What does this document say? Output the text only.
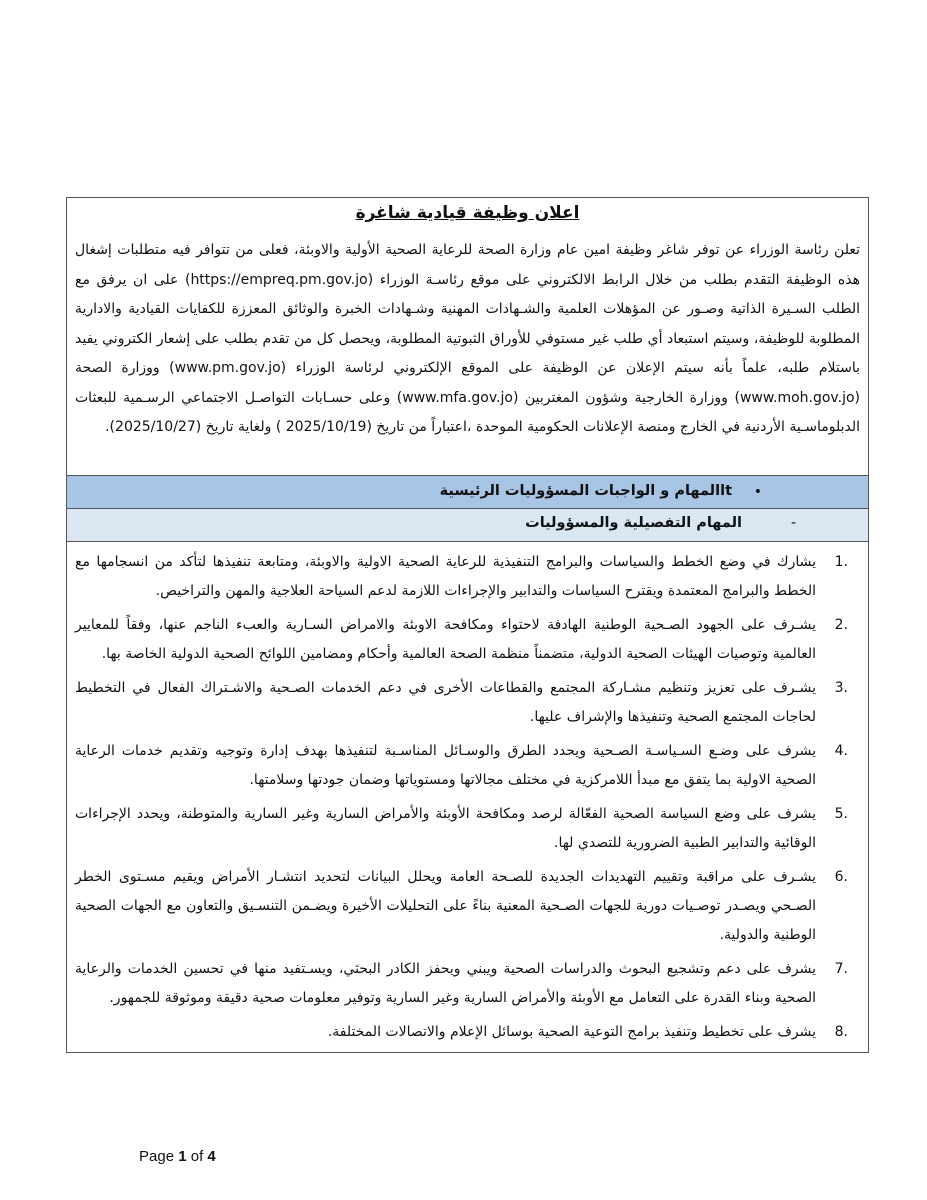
اعلان وظيفة قيادية شاغرة
تعلن رئاسة الوزراء عن توفر شاغر وظيفة امين عام وزارة الصحة للرعاية الصحية الأولية والاوبئة، فعلى من تتوافر فيه متطلبات إشغال هذه الوظيفة التقدم بطلب من خلال الرابط الالكتروني على موقع رئاسـة الوزراء (https://empreq.pm.gov.jo) على ان يرفق مع الطلب السـيرة الذاتية وصـور عن المؤهلات العلمية والشـهادات المهنية وشـهادات الخبرة والوثائق المعززة للكفايات القيادية والادارية المطلوبة للوظيفة، وسيتم استبعاد أي طلب غير مستوفي للأوراق الثبوتية المطلوبة، ويحصل كل من تقدم بطلب على إشعار الكتروني يفيد باستلام طلبه، علماً بأنه سيتم الإعلان عن الوظيفة على الموقع الإلكتروني لرئاسة الوزراء (www.pm.gov.jo) ووزارة الصحة (www.moh.gov.jo) ووزارة الخارجية وشؤون المغتربين (www.mfa.gov.jo) وعلى حسـابات التواصـل الاجتماعي الرسـمية للبعثات الدبلوماسـية الأردنية في الخارج ومنصة الإعلانات الحكومية الموحدة ،اعتباراً من تاريخ (2025/10/19 ) ولغاية تاريخ (2025/10/27).
•
ltالمهام و الواجبات المسؤوليات الرئيسية
-
المهام التفصيلية والمسؤوليات
1.
يشارك في وضع الخطط والسياسات والبرامج التنفيذية للرعاية الصحية الاولية والاوبئة، ومتابعة تنفيذها لتأكد من انسجامها مع الخطط والبرامج المعتمدة ويقترح السياسات والتدابير والإجراءات اللازمة لدعم السياحة العلاجية والمهن والتراخيص.
2.
يشـرف على الجهود الصـحية الوطنية الهادفة لاحتواء ومكافحة الاوبئة والامراض السـارية والعبء الناجم عنها، وفقاً للمعايير العالمية وتوصيات الهيئات الصحية الدولية، متضمناً منظمة الصحة العالمية وأحكام ومضامين اللوائح الصحية الدولية الخاصة بها.
3.
يشـرف على تعزيز وتنظيم مشـاركة المجتمع والقطاعات الأخرى في دعم الخدمات الصـحية والاشـتراك الفعال في التخطيط لحاجات المجتمع الصحية وتنفيذها والإشراف عليها.
4.
يشرف على وضـع السـياسـة الصـحية ويحدد الطرق والوسـائل المناسـبة لتنفيذها بهدف إدارة وتوجيه وتقديم خدمات الرعاية الصحية الاولية بما يتفق مع مبدأ اللامركزية في مختلف مجالاتها ومستوياتها وضمان جودتها وسلامتها.
5.
يشرف على وضع السياسة الصحية الفعّالة لرصد ومكافحة الأوبئة والأمراض السارية وغير السارية والمتوطنة، ويحدد الإجراءات الوقائية والتدابير الطبية الضرورية للتصدي لها.
6.
يشـرف على مراقبة وتقييم التهديدات الجديدة للصـحة العامة ويحلل البيانات لتحديد انتشـار الأمراض ويقيم مسـتوى الخطر الصـحي ويصـدر توصـيات دورية للجهات الصـحية المعنية بناءً على التحليلات الأخيرة ويضـمن التنسـيق والتعاون مع الجهات الصحية الوطنية والدولية.
7.
يشرف على دعم وتشجيع البحوث والدراسات الصحية ويبني ويحفز الكادر البحثي، ويسـتفيد منها في تحسين الخدمات والرعاية الصحية وبناء القدرة على التعامل مع الأوبئة والأمراض السارية وغير السارية وتوفير معلومات صحية دقيقة وموثوقة للجمهور.
8.
يشرف على تخطيط وتنفيذ برامج التوعية الصحية بوسائل الإعلام والاتصالات المختلفة.
Page 1 of 4
